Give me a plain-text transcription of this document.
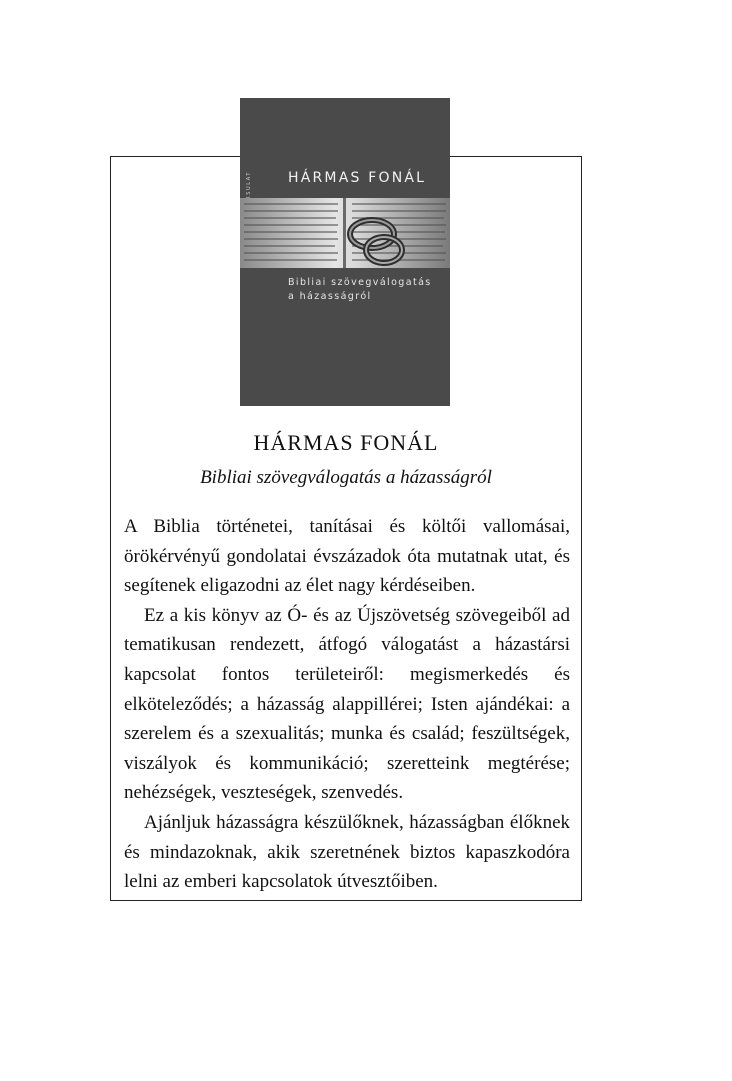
HÁRMAS FONÁL
Bibliai szövegválogatás
a házasságról
HÁRMAS FONÁL
Bibliai szövegválogatás a házasságról

A Biblia történetei, tanításai és költői vallomásai, örökérvényű gondolatai évszázadok óta mutatnak utat, és segítenek eligazodni az élet nagy kérdéseiben.

Ez a kis könyv az Ó- és az Újszövetség szövegeiből ad tematikusan rendezett, átfogó válogatást a házastársi kapcsolat fontos területeiről: megismerkedés és elköteleződés; a házasság alappillérei; Isten ajándékai: a szerelem és a szexualitás; munka és család; feszültségek, viszályok és kommunikáció; szeretteink megtérése; nehézségek, veszteségek, szenvedés.

Ajánljuk házasságra készülőknek, házasságban élőknek és mindazoknak, akik szeretnének biztos kapaszkodóra lelni az emberi kapcsolatok útvesztőiben.
